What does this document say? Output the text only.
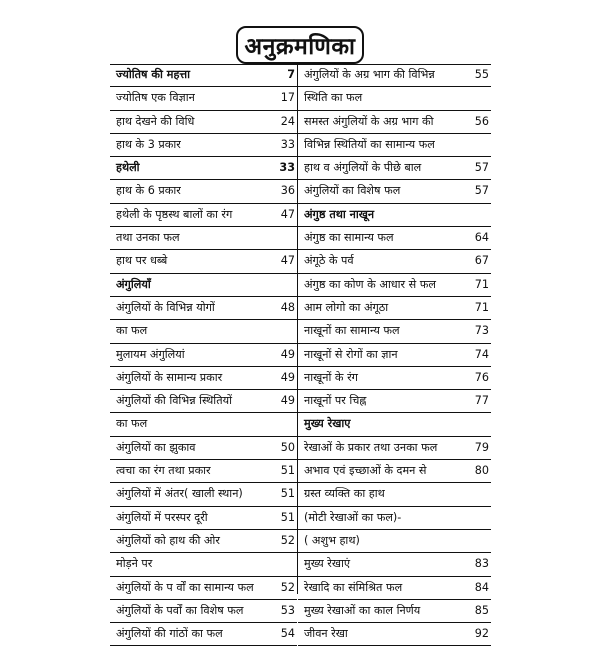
अनुक्रमणिका
ज्योतिष की महत्ता	7
ज्योतिष एक विज्ञान	17
हाथ देखने की विधि	24
हाथ के 3 प्रकार	33
हथेली	33
हाथ के 6 प्रकार	36
हथेली के पृष्ठस्थ बालों का रंग	47
तथा उनका फल
हाथ पर धब्बे	47
अंगुलियाँ
अंगुलियों के विभिन्न योगों	48
का फल
मुलायम अंगुलियां	49
अंगुलियों के सामान्य प्रकार	49
अंगुलियों की विभिन्न स्थितियों	49
का फल
अंगुलियों का झुकाव	50
त्वचा का रंग तथा प्रकार	51
अंगुलियों में अंतर( खाली स्थान)	51
अंगुलियों में परस्पर दूरी	51
अंगुलियों को हाथ की ओर	52
मोड़ने पर
अंगुलियों के प र्वों का सामान्य फल	52
अंगुलियों के पर्वों का विशेष फल	53
अंगुलियों की गांठों का फल	54
अंगुलियों के अग्र भाग की विभिन्न	55
स्थिति का फल
समस्त अंगुलियों के अग्र भाग की	56
विभिन्न स्थितियों का सामान्य फल
हाथ व अंगुलियों के पीछे बाल	57
अंगुलियों का विशेष फल	57
अंगुष्ठ तथा नाखून
अंगुष्ठ का सामान्य फल	64
अंगूठे के पर्व	67
अंगुष्ठ का कोण के आधार से फल	71
आम लोगो का अंगूठा	71
नाखूनों का सामान्य फल	73
नाखूनों से रोगों का ज्ञान	74
नाखूनों के रंग	76
नाखूनों पर चिह्न	77
मुख्य रेखाए
रेखाओं के प्रकार तथा उनका फल	79
अभाव एवं इच्छाओं के दमन से	80
ग्रस्त व्यक्ति का हाथ
(मोटी रेखाओं का फल)-
( अशुभ हाथ)
मुख्य रेखाएं	83
रेखादि का संमिश्रित फल	84
मुख्य रेखाओं का काल निर्णय	85
जीवन रेखा	92
